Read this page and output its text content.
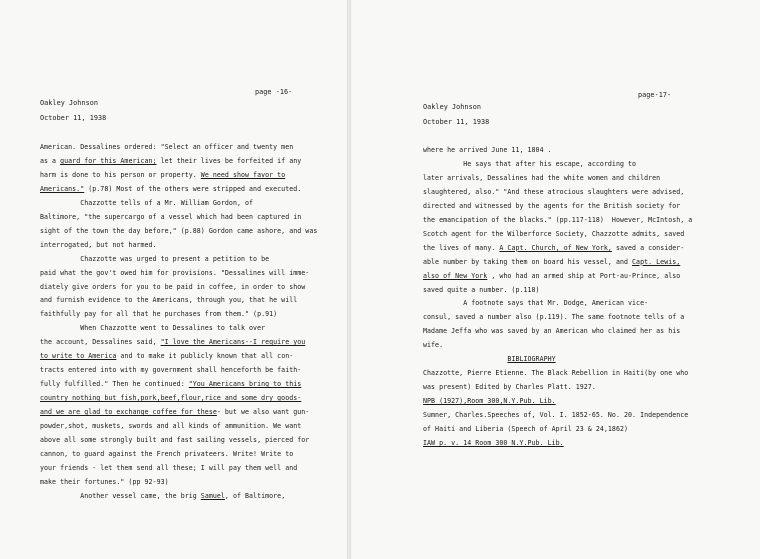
page -16-
Oakley Johnson
October 11, 1938
American. Dessalines ordered: "Select an officer and twenty men
as a guard for this American; let their lives be forfeited if any
harm is done to his person or property. We need show favor to
Americans." (p.78) Most of the others were stripped and executed.
Chazzotte tells of a Mr. William Gordon, of
Baltimore, "the supercargo of a vessel which had been captured in
sight of the town the day before," (p.88) Gordon came ashore, and was
interrogated, but not harmed.
Chazzotte was urged to present a petition to be
paid what the gov't owed him for provisions. "Dessalines will imme-
diately give orders for you to be paid in coffee, in order to show
and furnish evidence to the Americans, through you, that he will
faithfully pay for all that he purchases from them." (p.91)
When Chazzotte went to Dessalines to talk over
the account, Dessalines said, "I love the Americans--I require you
to write to America and to make it publicly known that all con-
tracts entered into with my government shall henceforth be faith-
fully fulfilled." Then he continued: "You Americans bring to this
country nothing but fish,pork,beef,flour,rice and some dry goods-
and we are glad to exchange coffee for these- but we also want gun-
powder,shot, muskets, swords and all kinds of ammunition. We want
above all some strongly built and fast sailing vessels, pierced for
cannon, to guard against the French privateers. Write! Write to
your friends - let them send all these; I will pay them well and
make their fortunes." (pp 92-93)
Another vessel came, the brig Samuel, of Baltimore,
page-17-
Oakley Johnson
October 11, 1938
where he arrived June 11, 1804 .
He says that after his escape, according to
later arrivals, Dessalines had the white women and children
slaughtered, also." "And these atrocious slaughters were advised,
directed and witnessed by the agents for the British society for
the emancipation of the blacks." (pp.117-118)  However, McIntosh, a
Scotch agent for the Wilberforce Society, Chazzotte admits, saved
the lives of many. A Capt. Church, of New York, saved a consider-
able number by taking them on board his vessel, and Capt. Lewis,
also of New York , who had an armed ship at Port-au-Prince, also
saved quite a number. (p.118)
A footnote says that Mr. Dodge, American vice-
consul, saved a number also (p.119). The same footnote tells of a
Madame Jeffa who was saved by an American who claimed her as his
wife.
BIBLIOGRAPHY
Chazzotte, Pierre Etienne. The Black Rebellion in Haiti(by one who
was present) Edited by Charles Platt. 1927.
NPB (1927),Room 300,N.Y.Pub. Lib.
Sumner, Charles.Speeches of, Vol. I. 1852-65. No. 20. Independence
of Haiti and Liberia (Speech of April 23 & 24,1862)
IAW p. v. 14 Room 300 N.Y.Pub. Lib.
